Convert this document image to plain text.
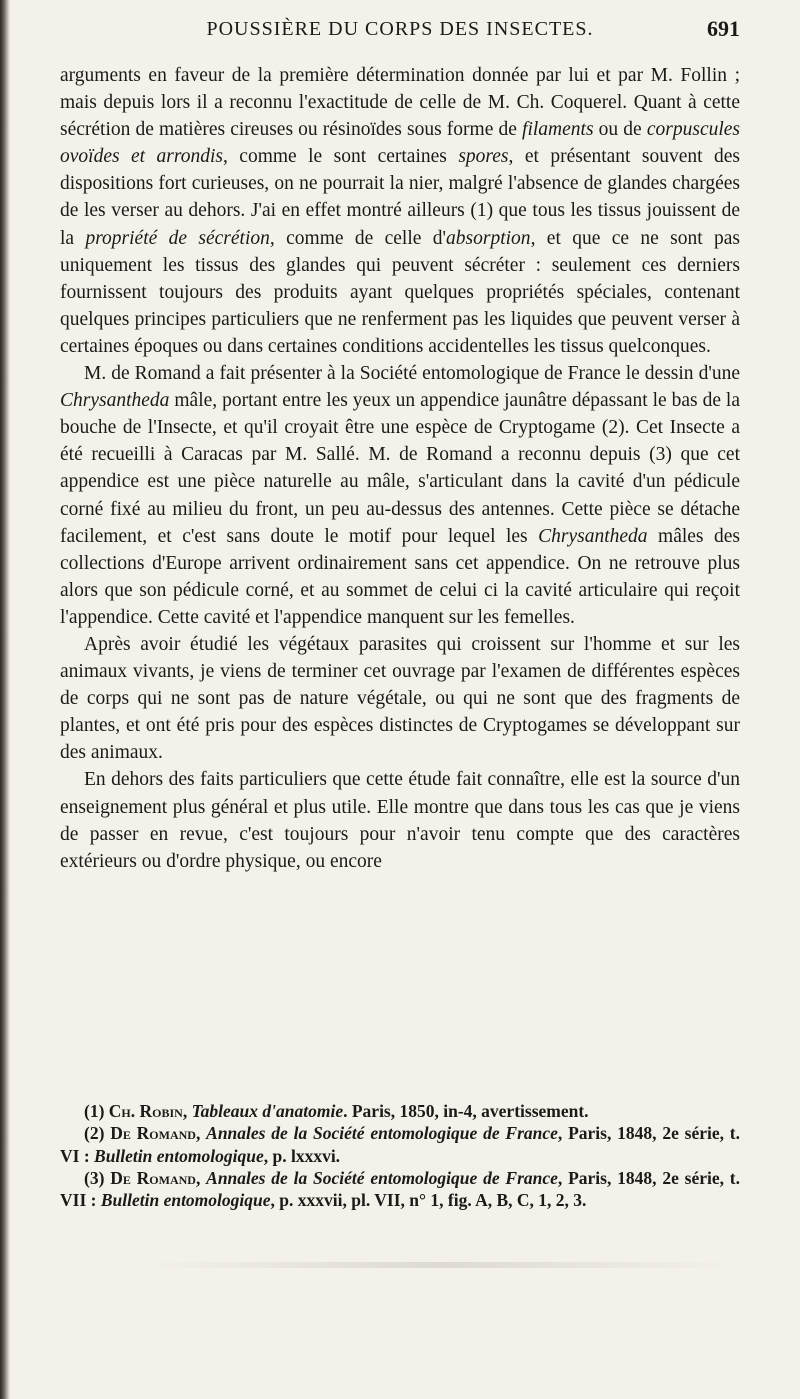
POUSSIÈRE DU CORPS DES INSECTES.	691

arguments en faveur de la première détermination donnée par lui et par M. Follin ; mais depuis lors il a reconnu l'exactitude de celle de M. Ch. Coquerel. Quant à cette sécrétion de matières cireuses ou résinoïdes sous forme de filaments ou de corpuscules ovoïdes et arrondis, comme le sont certaines spores, et présentant souvent des dispositions fort curieuses, on ne pourrait la nier, malgré l'absence de glandes chargées de les verser au dehors. J'ai en effet montré ailleurs (1) que tous les tissus jouissent de la propriété de sécrétion, comme de celle d'absorption, et que ce ne sont pas uniquement les tissus des glandes qui peuvent sécréter : seulement ces derniers fournissent toujours des produits ayant quelques propriétés spéciales, contenant quelques principes particuliers que ne renferment pas les liquides que peuvent verser à certaines époques ou dans certaines conditions accidentelles les tissus quelconques.

M. de Romand a fait présenter à la Société entomologique de France le dessin d'une Chrysantheda mâle, portant entre les yeux un appendice jaunâtre dépassant le bas de la bouche de l'Insecte, et qu'il croyait être une espèce de Cryptogame (2). Cet Insecte a été recueilli à Caracas par M. Sallé. M. de Romand a reconnu depuis (3) que cet appendice est une pièce naturelle au mâle, s'articulant dans la cavité d'un pédicule corné fixé au milieu du front, un peu au-dessus des antennes. Cette pièce se détache facilement, et c'est sans doute le motif pour lequel les Chrysantheda mâles des collections d'Europe arrivent ordinairement sans cet appendice. On ne retrouve plus alors que son pédicule corné, et au sommet de celui ci la cavité articulaire qui reçoit l'appendice. Cette cavité et l'appendice manquent sur les femelles.

Après avoir étudié les végétaux parasites qui croissent sur l'homme et sur les animaux vivants, je viens de terminer cet ouvrage par l'examen de différentes espèces de corps qui ne sont pas de nature végétale, ou qui ne sont que des fragments de plantes, et ont été pris pour des espèces distinctes de Cryptogames se développant sur des animaux.

En dehors des faits particuliers que cette étude fait connaître, elle est la source d'un enseignement plus général et plus utile. Elle montre que dans tous les cas que je viens de passer en revue, c'est toujours pour n'avoir tenu compte que des caractères extérieurs ou d'ordre physique, ou encore

(1) Ch. Robin, Tableaux d'anatomie. Paris, 1850, in-4, avertissement.

(2) De Romand, Annales de la Société entomologique de France, Paris, 1848, 2e série, t. VI : Bulletin entomologique, p. lxxxvi.

(3) De Romand, Annales de la Société entomologique de France, Paris, 1848, 2e série, t. VII : Bulletin entomologique, p. xxxvii, pl. VII, n° 1, fig. A, B, C, 1, 2, 3.
